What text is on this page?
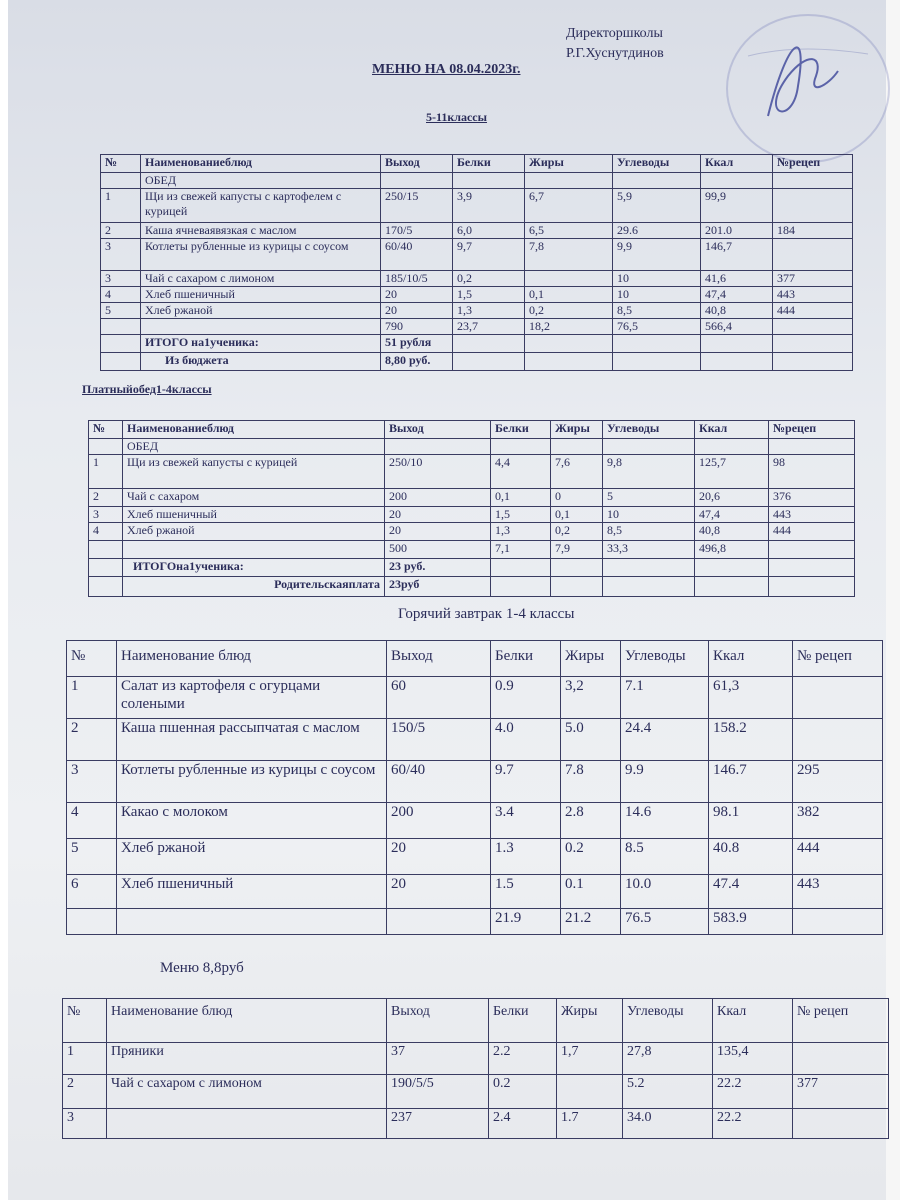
Директоршколы
Р.Г.Хуснутдинов
МЕНЮ НА 08.04.2023г.
5-11классы
№	Наименованиеблюд	Выход	Белки	Жиры	Углеводы	Ккал	№рецеп
	ОБЕД						
1	Щи из свежей капусты с картофелем с курицей	250/15	3,9	6,7	5,9	99,9	
2	Каша ячневаявязкая с маслом	170/5	6,0	6,5	29.6	201.0	184
3	Котлеты рубленные из курицы с соусом	60/40	9,7	7,8	9,9	146,7	
3	Чай с сахаром с лимоном	185/10/5	0,2		10	41,6	377
4	Хлеб пшеничный	20	1,5	0,1	10	47,4	443
5	Хлеб ржаной	20	1,3	0,2	8,5	40,8	444
		790	23,7	18,2	76,5	566,4	
	ИТОГО на1ученика:	51 рубля					
	Из бюджета	8,80 руб.					
Платныйобед1-4классы
№	Наименованиеблюд	Выход	Белки	Жиры	Углеводы	Ккал	№рецеп
	ОБЕД						
1	Щи из свежей капусты с курицей	250/10	4,4	7,6	9,8	125,7	98
2	Чай с сахаром	200	0,1	0	5	20,6	376
3	Хлеб пшеничный	20	1,5	0,1	10	47,4	443
4	Хлеб ржаной	20	1,3	0,2	8,5	40,8	444
		500	7,1	7,9	33,3	496,8	
	ИТОГОна1ученика:	23 руб.					
	Родительскаяплата	23руб					
Горячий завтрак 1-4 классы
№	Наименование блюд	Выход	Белки	Жиры	Углеводы	Ккал	№ рецеп
1	Салат из картофеля с огурцами солеными	60	0.9	3,2	7.1	61,3	
2	Каша пшенная рассыпчатая с маслом	150/5	4.0	5.0	24.4	158.2	
3	Котлеты рубленные из курицы с соусом	60/40	9.7	7.8	9.9	146.7	295
4	Какао с молоком	200	3.4	2.8	14.6	98.1	382
5	Хлеб ржаной	20	1.3	0.2	8.5	40.8	444
6	Хлеб пшеничный	20	1.5	0.1	10.0	47.4	443
			21.9	21.2	76.5	583.9	
Меню 8,8руб
№	Наименование блюд	Выход	Белки	Жиры	Углеводы	Ккал	№ рецеп
1	Пряники	37	2.2	1,7	27,8	135,4	
2	Чай с сахаром с лимоном	190/5/5	0.2		5.2	22.2	377
3		237	2.4	1.7	34.0	22.2	
